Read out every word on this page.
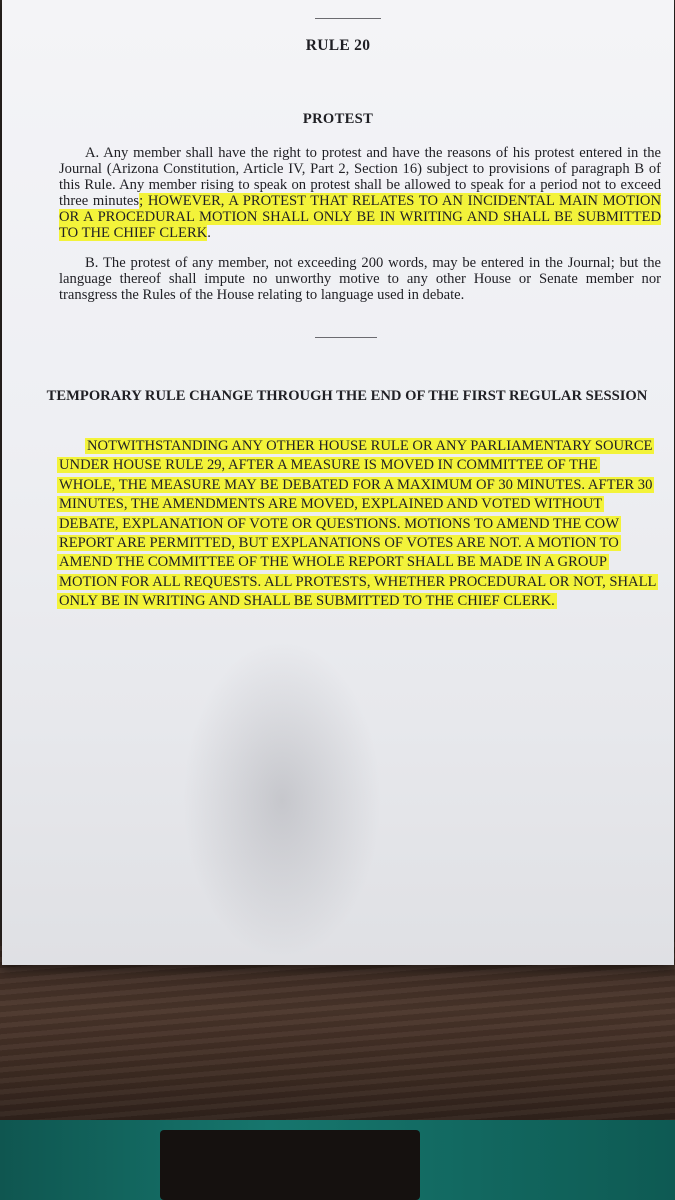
RULE 20
PROTEST
A. Any member shall have the right to protest and have the reasons of his protest entered in the Journal (Arizona Constitution, Article IV, Part 2, Section 16) subject to provisions of paragraph B of this Rule. Any member rising to speak on protest shall be allowed to speak for a period not to exceed three minutes; HOWEVER, A PROTEST THAT RELATES TO AN INCIDENTAL MAIN MOTION OR A PROCEDURAL MOTION SHALL ONLY BE IN WRITING AND SHALL BE SUBMITTED TO THE CHIEF CLERK.
B. The protest of any member, not exceeding 200 words, may be entered in the Journal; but the language thereof shall impute no unworthy motive to any other House or Senate member nor transgress the Rules of the House relating to language used in debate.
TEMPORARY RULE CHANGE THROUGH THE END OF THE FIRST REGULAR SESSION
NOTWITHSTANDING ANY OTHER HOUSE RULE OR ANY PARLIAMENTARY SOURCE UNDER HOUSE RULE 29, AFTER A MEASURE IS MOVED IN COMMITTEE OF THE WHOLE, THE MEASURE MAY BE DEBATED FOR A MAXIMUM OF 30 MINUTES. AFTER 30 MINUTES, THE AMENDMENTS ARE MOVED, EXPLAINED AND VOTED WITHOUT DEBATE, EXPLANATION OF VOTE OR QUESTIONS. MOTIONS TO AMEND THE COW REPORT ARE PERMITTED, BUT EXPLANATIONS OF VOTES ARE NOT. A MOTION TO AMEND THE COMMITTEE OF THE WHOLE REPORT SHALL BE MADE IN A GROUP MOTION FOR ALL REQUESTS. ALL PROTESTS, WHETHER PROCEDURAL OR NOT, SHALL ONLY BE IN WRITING AND SHALL BE SUBMITTED TO THE CHIEF CLERK.
